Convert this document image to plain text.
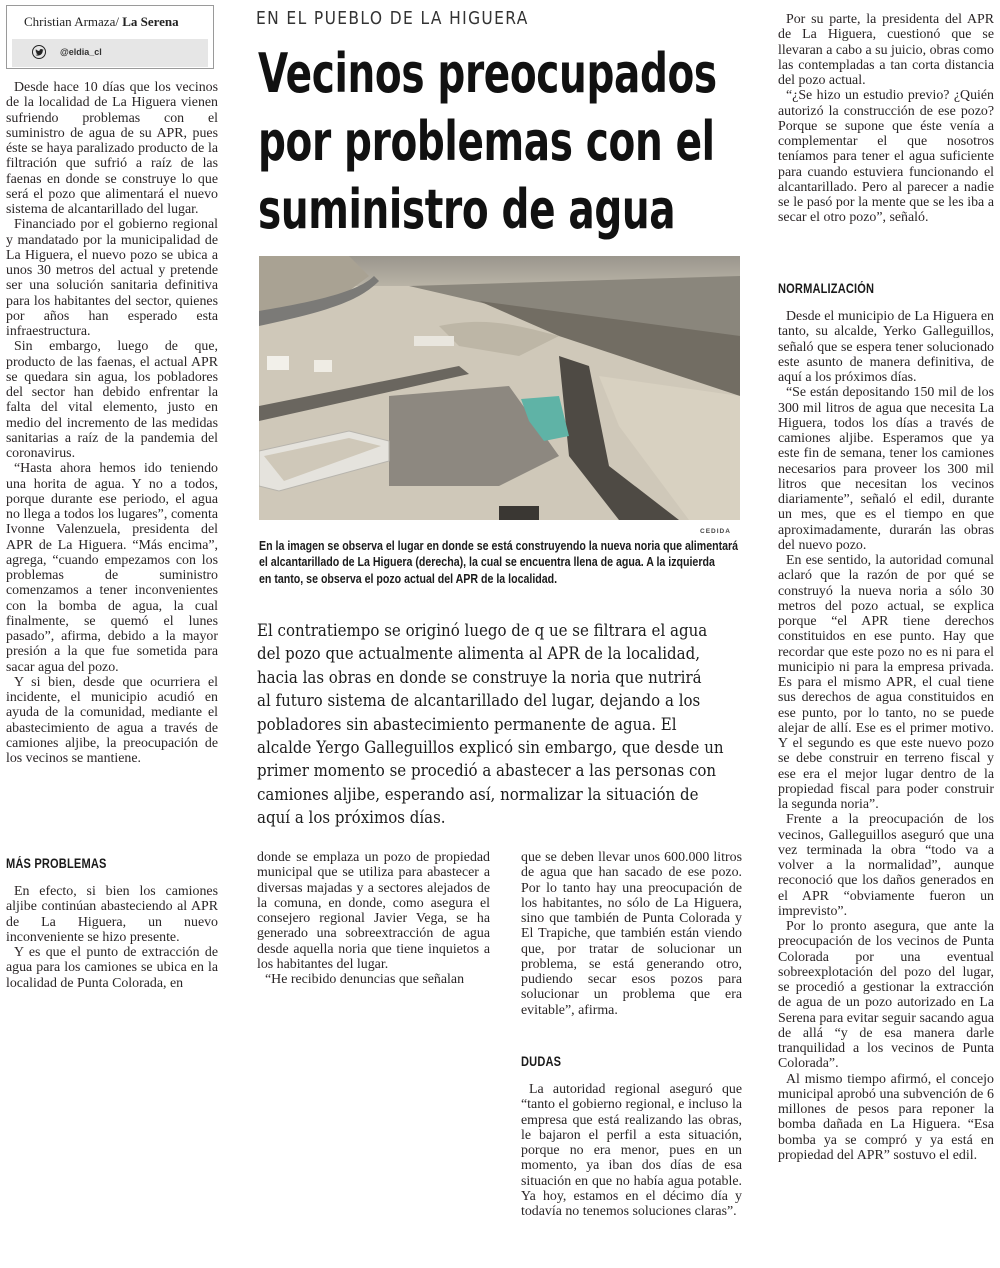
Christian Armaza/ La Serena
@eldia_cl

Desde hace 10 días que los vecinos de la localidad de La Higuera vienen sufriendo problemas con el suministro de agua de su APR, pues éste se haya paralizado producto de la filtración que sufrió a raíz de las faenas en donde se construye lo que será el pozo que alimentará el nuevo sistema de alcantarillado del lugar.

Financiado por el gobierno regional y mandatado por la municipalidad de La Higuera, el nuevo pozo se ubica a unos 30 metros del actual y pretende ser una solución sanitaria definitiva para los habitantes del sector, quienes por años han esperado esta infraestructura.

Sin embargo, luego de que, producto de las faenas, el actual APR se quedara sin agua, los pobladores del sector han debido enfrentar la falta del vital elemento, justo en medio del incremento de las medidas sanitarias a raíz de la pandemia del coronavirus.

“Hasta ahora hemos ido teniendo una horita de agua. Y no a todos, porque durante ese periodo, el agua no llega a todos los lugares”, comenta Ivonne Valenzuela, presidenta del APR de La Higuera. “Más encima”, agrega, “cuando empezamos con los problemas de suministro comenzamos a tener inconvenientes con la bomba de agua, la cual finalmente, se quemó el lunes pasado”, afirma, debido a la mayor presión a la que fue sometida para sacar agua del pozo.

Y si bien, desde que ocurriera el incidente, el municipio acudió en ayuda de la comunidad, mediante el abastecimiento de agua a través de camiones aljibe, la preocupación de los vecinos se mantiene.

MÁS PROBLEMAS

En efecto, si bien los camiones aljibe continúan abasteciendo al APR de La Higuera, un nuevo inconveniente se hizo presente.

Y es que el punto de extracción de agua para los camiones se ubica en la localidad de Punta Colorada, en

EN EL PUEBLO DE LA HIGUERA
Vecinos preocupados
por problemas con el
suministro de agua
CEDIDA
En la imagen se observa el lugar en donde se está construyendo la nueva noria que alimentará
el alcantarillado de La Higuera (derecha), la cual se encuentra llena de agua. A la izquierda
en tanto, se observa el pozo actual del APR de la localidad.
El contratiempo se originó luego de q ue se filtrara el agua
del pozo que actualmente alimenta al APR de la localidad,
hacia las obras en donde se construye la noria que nutrirá
al futuro sistema de alcantarillado del lugar, dejando a los
pobladores sin abastecimiento permanente de agua. El
alcalde Yergo Galleguillos explicó sin embargo, que desde un
primer momento se procedió a abastecer a las personas con
camiones aljibe, esperando así, normalizar la situación de
aquí a los próximos días.

donde se emplaza un pozo de propiedad municipal que se utiliza para abastecer a diversas majadas y a sectores alejados de la comuna, en donde, como asegura el consejero regional Javier Vega, se ha generado una sobreextracción de agua desde aquella noria que tiene inquietos a los habitantes del lugar.

“He recibido denuncias que señalan

que se deben llevar unos 600.000 litros de agua que han sacado de ese pozo. Por lo tanto hay una preocupación de los habitantes, no sólo de La Higuera, sino que también de Punta Colorada y El Trapiche, que también están viendo que, por tratar de solucionar un problema, se está generando otro, pudiendo secar esos pozos para solucionar un problema que era evitable”, afirma.

DUDAS

La autoridad regional aseguró que “tanto el gobierno regional, e incluso la empresa que está realizando las obras, le bajaron el perfil a esta situación, porque no era menor, pues en un momento, ya iban dos días de esa situación en que no había agua potable. Ya hoy, estamos en el décimo día y todavía no tenemos soluciones claras”.

Por su parte, la presidenta del APR de La Higuera, cuestionó que se llevaran a cabo a su juicio, obras como las contempladas a tan corta distancia del pozo actual.

“¿Se hizo un estudio previo? ¿Quién autorizó la construcción de ese pozo? Porque se supone que éste venía a complementar el que nosotros teníamos para tener el agua suficiente para cuando estuviera funcionando el alcantarillado. Pero al parecer a nadie se le pasó por la mente que se les iba a secar el otro pozo”, señaló.

NORMALIZACIÓN

Desde el municipio de La Higuera en tanto, su alcalde, Yerko Galleguillos, señaló que se espera tener solucionado este asunto de manera definitiva, de aquí a los próximos días.

“Se están depositando 150 mil de los 300 mil litros de agua que necesita La Higuera, todos los días a través de camiones aljibe. Esperamos que ya este fin de semana, tener los camiones necesarios para proveer los 300 mil litros que necesitan los vecinos diariamente”, señaló el edil, durante un mes, que es el tiempo en que aproximadamente, durarán las obras del nuevo pozo.

En ese sentido, la autoridad comunal aclaró que la razón de por qué se construyó la nueva noria a sólo 30 metros del pozo actual, se explica porque “el APR tiene derechos constituidos en ese punto. Hay que recordar que este pozo no es ni para el municipio ni para la empresa privada. Es para el mismo APR, el cual tiene sus derechos de agua constituidos en ese punto, por lo tanto, no se puede alejar de allí. Ese es el primer motivo. Y el segundo es que este nuevo pozo se debe construir en terreno fiscal y ese era el mejor lugar dentro de la propiedad fiscal para poder construir la segunda noria”.

Frente a la preocupación de los vecinos, Galleguillos aseguró que una vez terminada la obra “todo va a volver a la normalidad”, aunque reconoció que los daños generados en el APR “obviamente fueron un imprevisto”.

Por lo pronto asegura, que ante la preocupación de los vecinos de Punta Colorada por una eventual sobreexplotación del pozo del lugar, se procedió a gestionar la extracción de agua de un pozo autorizado en La Serena para evitar seguir sacando agua de allá “y de esa manera darle tranquilidad a los vecinos de Punta Colorada”.

Al mismo tiempo afirmó, el concejo municipal aprobó una subvención de 6 millones de pesos para reponer la bomba dañada en La Higuera. “Esa bomba ya se compró y ya está en propiedad del APR” sostuvo el edil.
